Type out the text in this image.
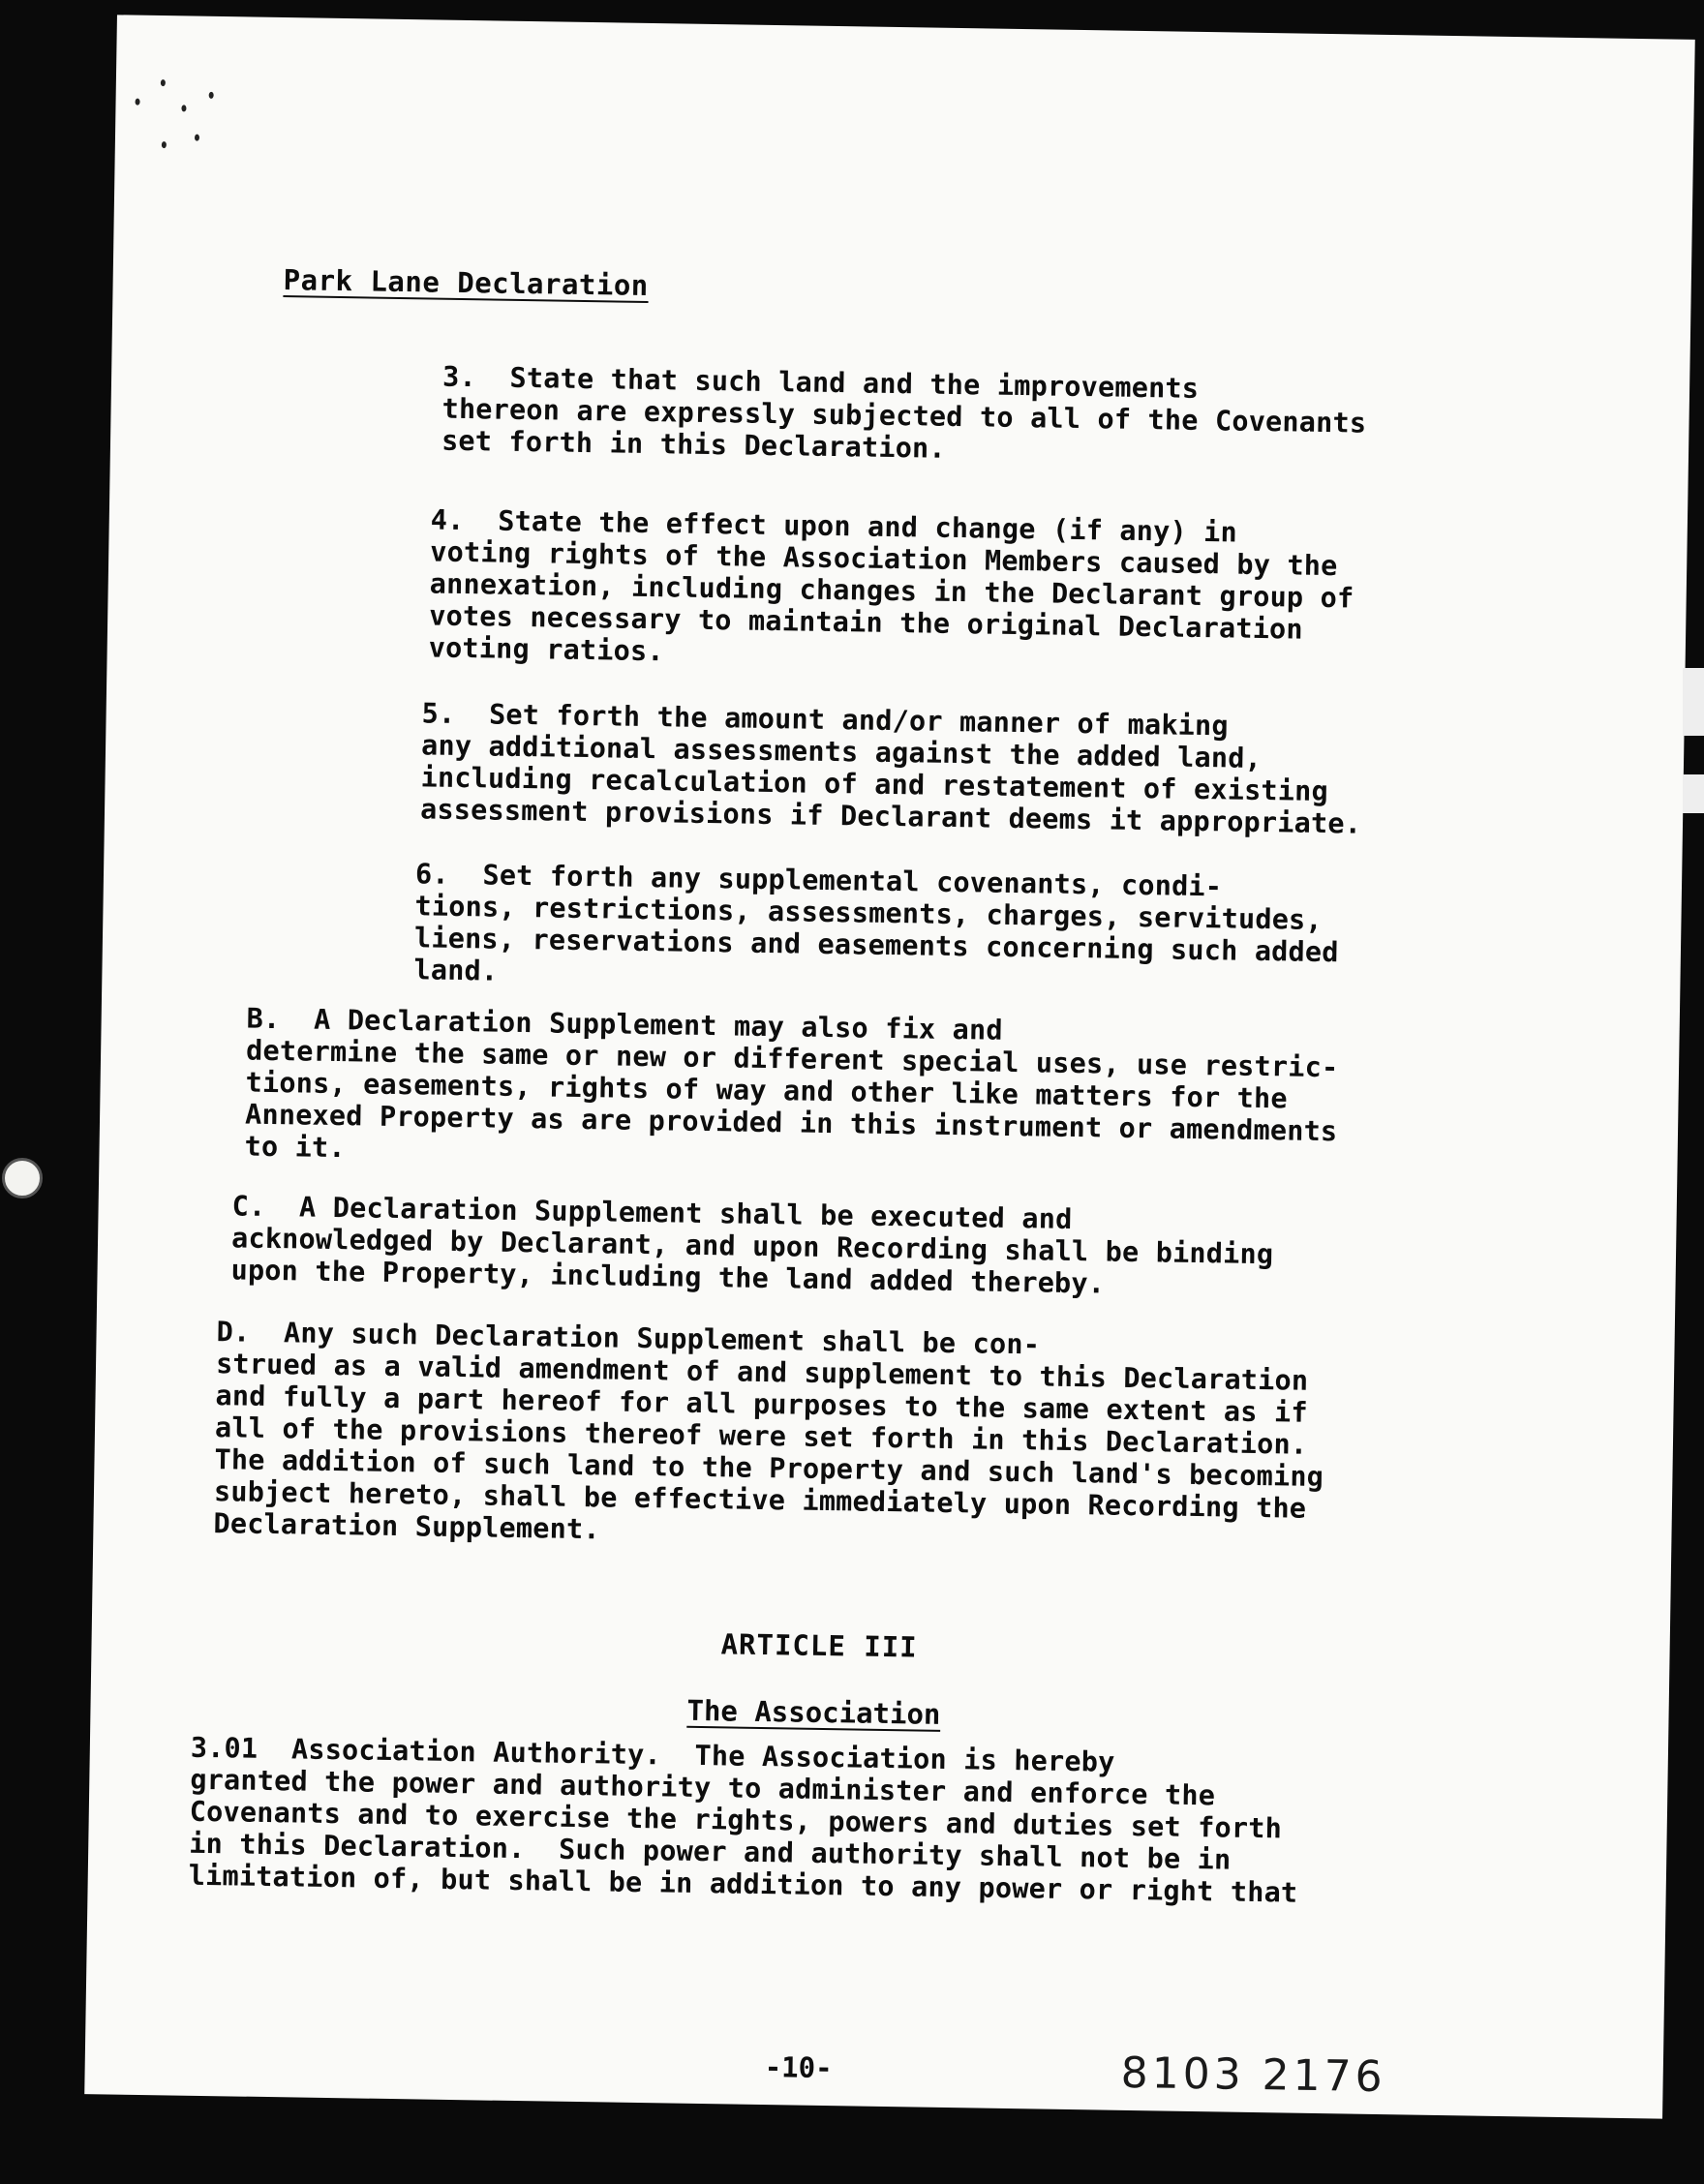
Park Lane Declaration
3.  State that such land and the improvements
thereon are expressly subjected to all of the Covenants
set forth in this Declaration.
4.  State the effect upon and change (if any) in
voting rights of the Association Members caused by the
annexation, including changes in the Declarant group of
votes necessary to maintain the original Declaration
voting ratios.
5.  Set forth the amount and/or manner of making
any additional assessments against the added land,
including recalculation of and restatement of existing
assessment provisions if Declarant deems it appropriate.
6.  Set forth any supplemental covenants, condi-
tions, restrictions, assessments, charges, servitudes,
liens, reservations and easements concerning such added
land.
B.  A Declaration Supplement may also fix and
determine the same or new or different special uses, use restric-
tions, easements, rights of way and other like matters for the
Annexed Property as are provided in this instrument or amendments
to it.
C.  A Declaration Supplement shall be executed and
acknowledged by Declarant, and upon Recording shall be binding
upon the Property, including the land added thereby.
D.  Any such Declaration Supplement shall be con-
strued as a valid amendment of and supplement to this Declaration
and fully a part hereof for all purposes to the same extent as if
all of the provisions thereof were set forth in this Declaration.
The addition of such land to the Property and such land's becoming
subject hereto, shall be effective immediately upon Recording the
Declaration Supplement.
ARTICLE III
The Association
3.01  Association Authority.  The Association is hereby
granted the power and authority to administer and enforce the
Covenants and to exercise the rights, powers and duties set forth
in this Declaration.  Such power and authority shall not be in
limitation of, but shall be in addition to any power or right that
-10-	8103 2176
